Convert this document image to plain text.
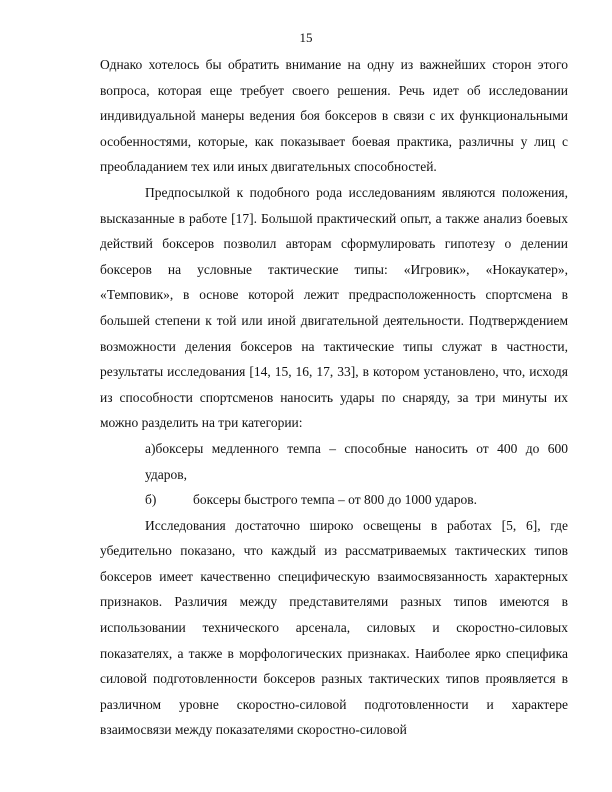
15

Однако хотелось бы обратить внимание на одну из важнейших сторон этого вопроса, которая еще требует своего решения. Речь идет об исследовании индивидуальной манеры ведения боя боксеров в связи с их функциональными особенностями, которые, как показывает боевая практика, различны у лиц с преобладанием тех или иных двигательных способностей.

Предпосылкой к подобного рода исследованиям являются положения, высказанные в работе [17]. Большой практический опыт, а также анализ боевых действий боксеров позволил авторам сформулировать гипотезу о делении боксеров на условные тактические типы: «Игровик», «Нокаукатер», «Темповик», в основе которой лежит предрасположенность спортсмена в большей степени к той или иной двигательной деятельности. Подтверждением возможности деления боксеров на тактические типы служат в частности, результаты исследования [14, 15, 16, 17, 33], в котором установлено, что, исходя из способности спортсменов наносить удары по снаряду, за три минуты их можно разделить на три категории:

а)боксеры медленного темпа – способные наносить от 400 до 600 ударов,

б)	боксеры быстрого темпа – от 800 до 1000 ударов.

Исследования достаточно широко освещены в работах [5, 6], где убедительно показано, что каждый из рассматриваемых тактических типов боксеров имеет качественно специфическую взаимосвязанность характерных признаков. Различия между представителями разных типов имеются в использовании технического арсенала, силовых и скоростно-силовых показателях, а также в морфологических признаках. Наиболее ярко специфика силовой подготовленности боксеров разных тактических типов проявляется в различном уровне скоростно-силовой подготовленности и характере взаимосвязи между показателями скоростно-силовой
